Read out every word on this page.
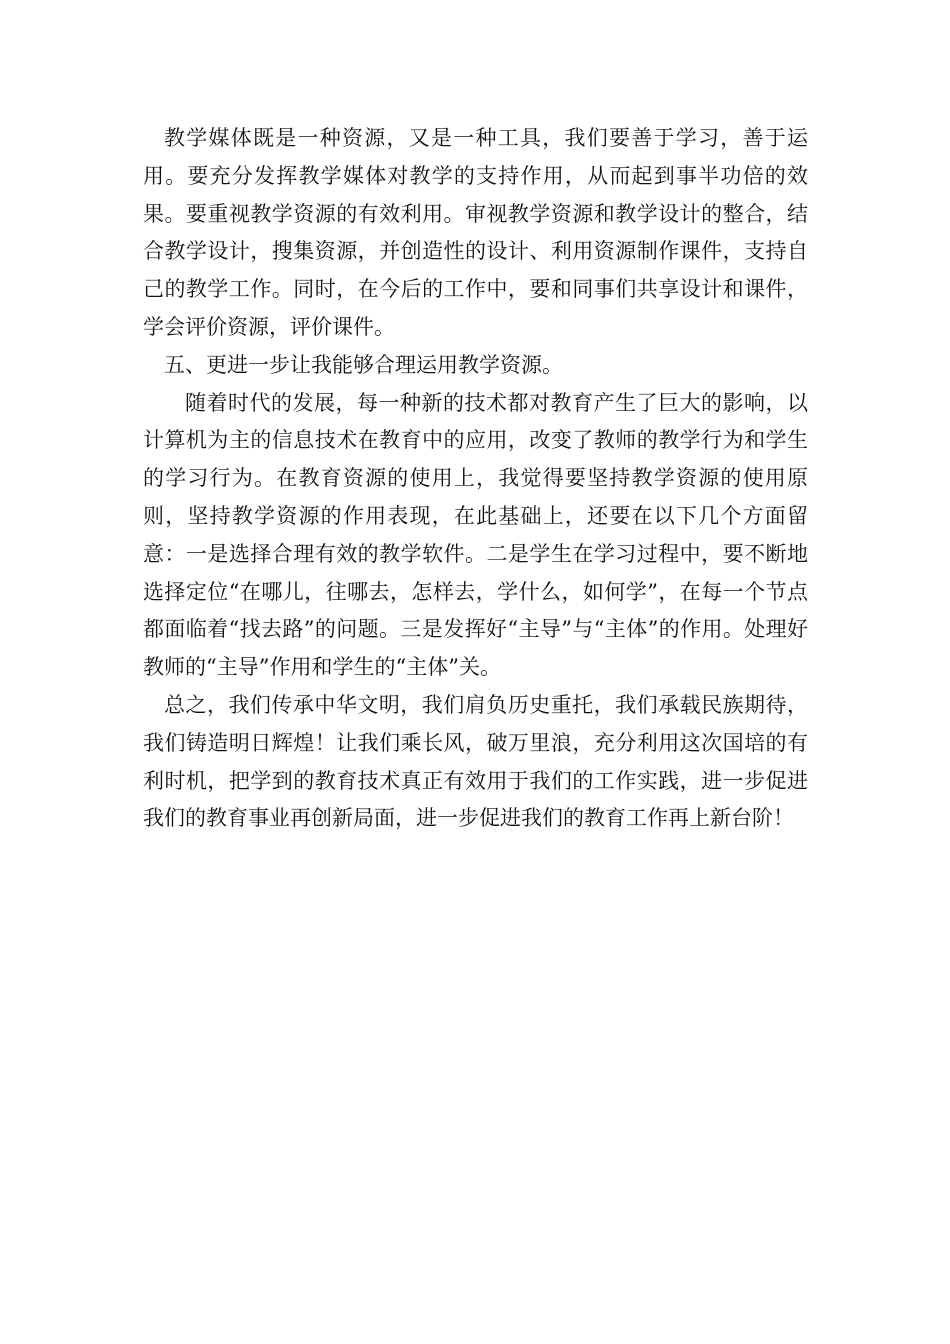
教学媒体既是一种资源，又是一种工具，我们要善于学习，善于运用。要充分发挥教学媒体对教学的支持作用，从而起到事半功倍的效果。要重视教学资源的有效利用。审视教学资源和教学设计的整合，结合教学设计，搜集资源，并创造性的设计、利用资源制作课件，支持自己的教学工作。同时，在今后的工作中，要和同事们共享设计和课件，学会评价资源，评价课件。

五、更进一步让我能够合理运用教学资源。

随着时代的发展，每一种新的技术都对教育产生了巨大的影响，以计算机为主的信息技术在教育中的应用，改变了教师的教学行为和学生的学习行为。在教育资源的使用上，我觉得要坚持教学资源的使用原则，坚持教学资源的作用表现，在此基础上，还要在以下几个方面留意：一是选择合理有效的教学软件。二是学生在学习过程中，要不断地选择定位“在哪儿，往哪去，怎样去，学什么，如何学”，在每一个节点都面临着“找去路”的问题。三是发挥好“主导”与“主体”的作用。处理好教师的“主导”作用和学生的“主体”关。

总之，我们传承中华文明，我们肩负历史重托，我们承载民族期待，我们铸造明日辉煌！让我们乘长风，破万里浪，充分利用这次国培的有利时机，把学到的教育技术真正有效用于我们的工作实践，进一步促进我们的教育事业再创新局面，进一步促进我们的教育工作再上新台阶！
